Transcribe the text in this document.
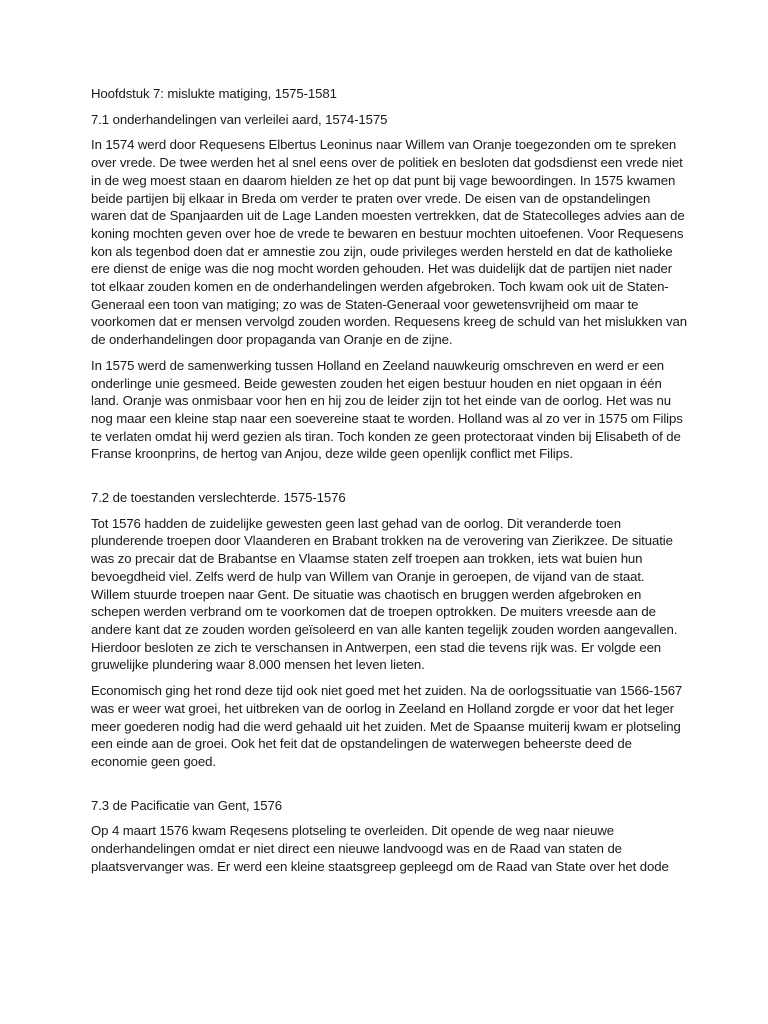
Hoofdstuk 7: mislukte matiging, 1575-1581
7.1 onderhandelingen van verleilei aard, 1574-1575

In 1574 werd door Requesens Elbertus Leoninus naar Willem van Oranje toegezonden om te spreken over vrede. De twee werden het al snel eens over de politiek en besloten dat godsdienst een vrede niet in de weg moest staan en daarom hielden ze het op dat punt bij vage bewoordingen. In 1575 kwamen beide partijen bij elkaar in Breda om verder te praten over vrede. De eisen van de opstandelingen waren dat de Spanjaarden uit de Lage Landen moesten vertrekken, dat de Statecolleges advies aan de koning mochten geven over hoe de vrede te bewaren en bestuur mochten uitoefenen. Voor Requesens kon als tegenbod doen dat er amnestie zou zijn, oude privileges werden hersteld en dat de katholieke ere dienst de enige was die nog mocht worden gehouden. Het was duidelijk dat de partijen niet nader tot elkaar zouden komen en de onderhandelingen werden afgebroken. Toch kwam ook uit de Staten-Generaal een toon van matiging; zo was de Staten-Generaal voor gewetensvrijheid om maar te voorkomen dat er mensen vervolgd zouden worden. Requesens kreeg de schuld van het mislukken van de onderhandelingen door propaganda van Oranje en de zijne.

In 1575 werd de samenwerking tussen Holland en Zeeland nauwkeurig omschreven en werd er een onderlinge unie gesmeed. Beide gewesten zouden het eigen bestuur houden en niet opgaan in één land. Oranje was onmisbaar voor hen en hij zou de leider zijn tot het einde van de oorlog. Het was nu nog maar een kleine stap naar een soevereine staat te worden. Holland was al zo ver in 1575 om Filips te verlaten omdat hij werd gezien als tiran. Toch konden ze geen protectoraat vinden bij Elisabeth of de Franse kroonprins, de hertog van Anjou, deze wilde geen openlijk conflict met Filips.

7.2 de toestanden verslechterde. 1575-1576

Tot 1576 hadden de zuidelijke gewesten geen last gehad van de oorlog. Dit veranderde toen plunderende troepen door Vlaanderen en Brabant trokken na de verovering van Zierikzee. De situatie was zo precair dat de Brabantse en Vlaamse staten zelf troepen aan trokken, iets wat buien hun bevoegdheid viel. Zelfs werd de hulp van Willem van Oranje in geroepen, de vijand van de staat. Willem stuurde troepen naar Gent. De situatie was chaotisch en bruggen werden afgebroken en schepen werden verbrand om te voorkomen dat de troepen optrokken. De muiters vreesde aan de andere kant dat ze zouden worden geïsoleerd en van alle kanten tegelijk zouden worden aangevallen. Hierdoor besloten ze zich te verschansen in Antwerpen, een stad die tevens rijk was. Er volgde een gruwelijke plundering waar 8.000 mensen het leven lieten.

Economisch ging het rond deze tijd ook niet goed met het zuiden. Na de oorlogssituatie van 1566-1567 was er weer wat groei, het uitbreken van de oorlog in Zeeland en Holland zorgde er voor dat het leger meer goederen nodig had die werd gehaald uit het zuiden. Met de Spaanse muiterij kwam er plotseling een einde aan de groei. Ook het feit dat de opstandelingen de waterwegen beheerste deed de economie geen goed.

7.3 de Pacificatie van Gent, 1576

Op 4 maart 1576 kwam Reqesens plotseling te overleiden. Dit opende de weg naar nieuwe onderhandelingen omdat er niet direct een nieuwe landvoogd was en de Raad van staten de plaatsvervanger was. Er werd een kleine staatsgreep gepleegd om de Raad van State over het dode
